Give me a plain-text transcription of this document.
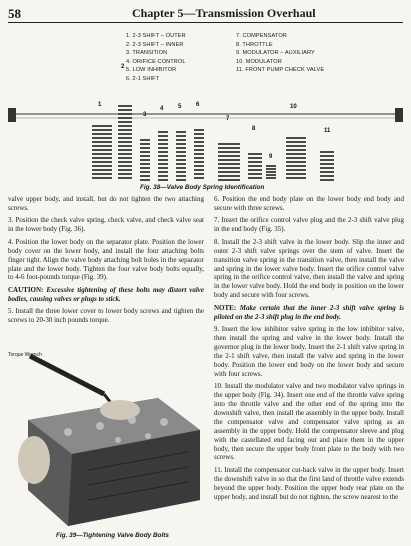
58	Chapter 5—Transmission Overhaul
1
2
3
4 5 6
7
8
9
10
11
1. 2-3 SHIFT – OUTER
2. 2-3 SHIFT – INNER
3. TRANSITION
4. ORIFICE CONTROL
5. LOW INHIBITOR
6. 2-1 SHIFT
7. COMPENSATOR
8. THROTTLE
9. MODULATOR – AUXILIARY
10. MODULATOR
11. FRONT PUMP CHECK VALVE
Fig. 38—Valve Body Spring Identification

valve upper body, and install, but do not tighten the two attaching screws.

3. Position the check valve spring, check valve, and check valve seat in the lower body (Fig. 36).

4. Position the lower body on the separator plate. Position the lower body cover on the lower body, and install the four attaching bolts finger tight. Align the valve body attaching bolt holes in the separator plate and the lower body. Tighten the four valve body bolts equally, to 4-6 foot-pounds torque (Fig. 39).

CAUTION: Excessive tightening of these bolts may distort valve bodies, causing valves or plugs to stick.

5. Install the three lower cover to lower body screws and tighten the screws to 20-30 inch pounds torque.

Torque Wrench
Fig. 39—Tightening Valve Body Bolts

6. Position the end body plate on the lower body end body and secure with three screws.

7. Insert the orifice control valve plug and the 2-3 shift valve plug in the end body (Fig. 35).

8. Install the 2-3 shift valve in the lower body. Slip the inner and outer 2-3 shift valve springs over the stem of valve. Insert the transition valve spring in the transition valve, then install the valve and spring in the lower valve body. Insert the orifice control valve spring in the orifice control valve, then install the valve and spring in the lower valve body. Hold the end body in position on the lower body and secure with four screws.

NOTE: Make certain that the inner 2-3 shift valve spring is piloted on the 2-3 shift plug in the end body.

9. Insert the low inhibitor valve spring in the low inhibitor valve, then install the spring and valve in the lower body. Install the governor plug in the lower body. Insert the 2-1 shift valve spring in the 2-1 shift valve, then install the valve and spring in the lower body. Position the lower end body on the lower body and secure with four screws.

10. Install the modulator valve and two modulator valve springs in the upper body (Fig. 34). Insert one end of the throttle valve spring into the throttle valve and the other end of the spring into the downshift valve, then install the assembly in the upper body. Install the compensator valve and compensator valve spring as an assembly in the upper body. Hold the compensator sleeve and plug with the castellated end facing out and place them in the upper body, then secure the upper body front plate to the body with two screws.

11. Install the compensator cut-back valve in the upper body. Insert the downshift valve in so that the first land of throttle valve extends beyond the upper body. Position the upper body rear plate on the upper body, and install but do not tighten, the screw nearest to the
